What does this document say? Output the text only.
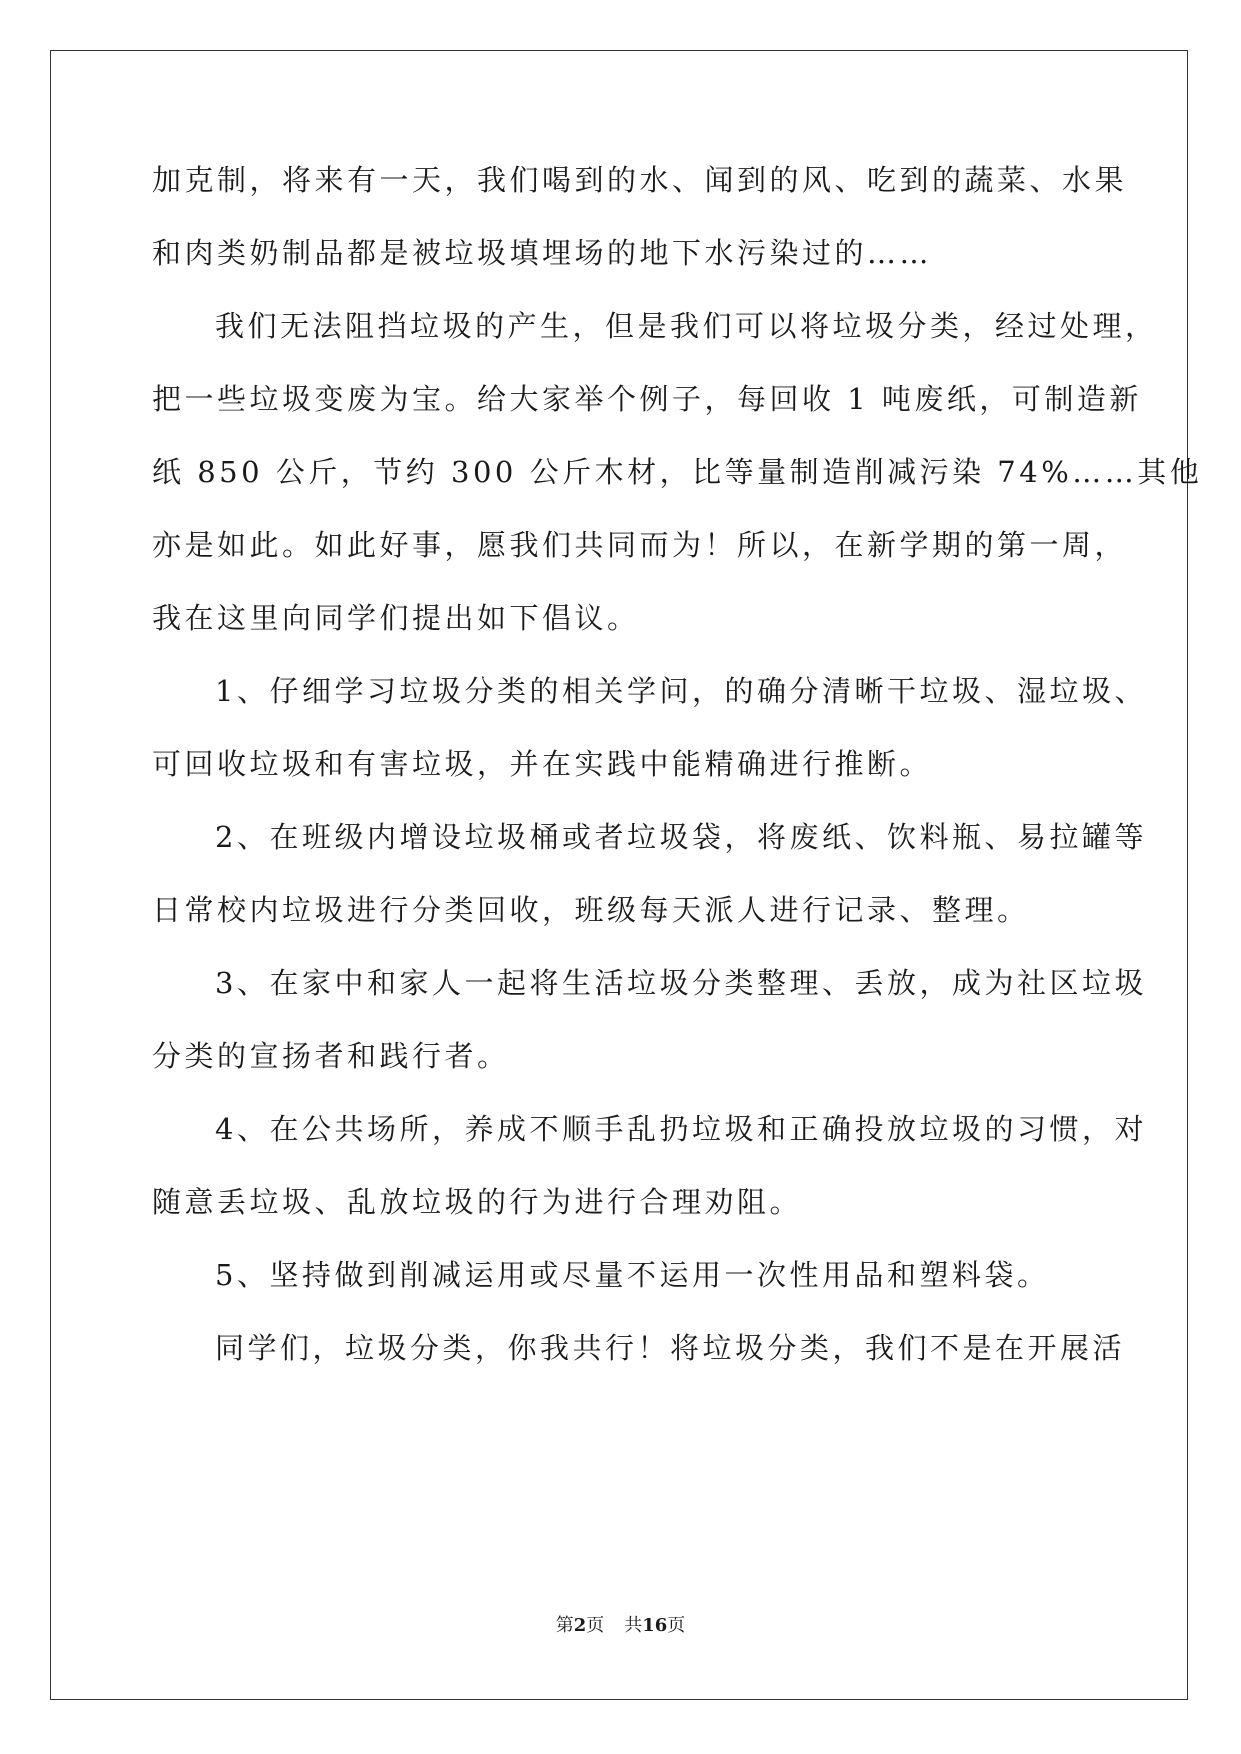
加克制，将来有一天，我们喝到的水、闻到的风、吃到的蔬菜、水果
和肉类奶制品都是被垃圾填埋场的地下水污染过的……
我们无法阻挡垃圾的产生，但是我们可以将垃圾分类，经过处理，
把一些垃圾变废为宝。给大家举个例子，每回收 1 吨废纸，可制造新
纸 850 公斤，节约 300 公斤木材，比等量制造削减污染 74%……其他
亦是如此。如此好事，愿我们共同而为！所以，在新学期的第一周，
我在这里向同学们提出如下倡议。
1、仔细学习垃圾分类的相关学问，的确分清晰干垃圾、湿垃圾、
可回收垃圾和有害垃圾，并在实践中能精确进行推断。
2、在班级内增设垃圾桶或者垃圾袋，将废纸、饮料瓶、易拉罐等
日常校内垃圾进行分类回收，班级每天派人进行记录、整理。
3、在家中和家人一起将生活垃圾分类整理、丢放，成为社区垃圾
分类的宣扬者和践行者。
4、在公共场所，养成不顺手乱扔垃圾和正确投放垃圾的习惯，对
随意丢垃圾、乱放垃圾的行为进行合理劝阻。
5、坚持做到削减运用或尽量不运用一次性用品和塑料袋。
同学们，垃圾分类，你我共行！将垃圾分类，我们不是在开展活
第2页 共16页
